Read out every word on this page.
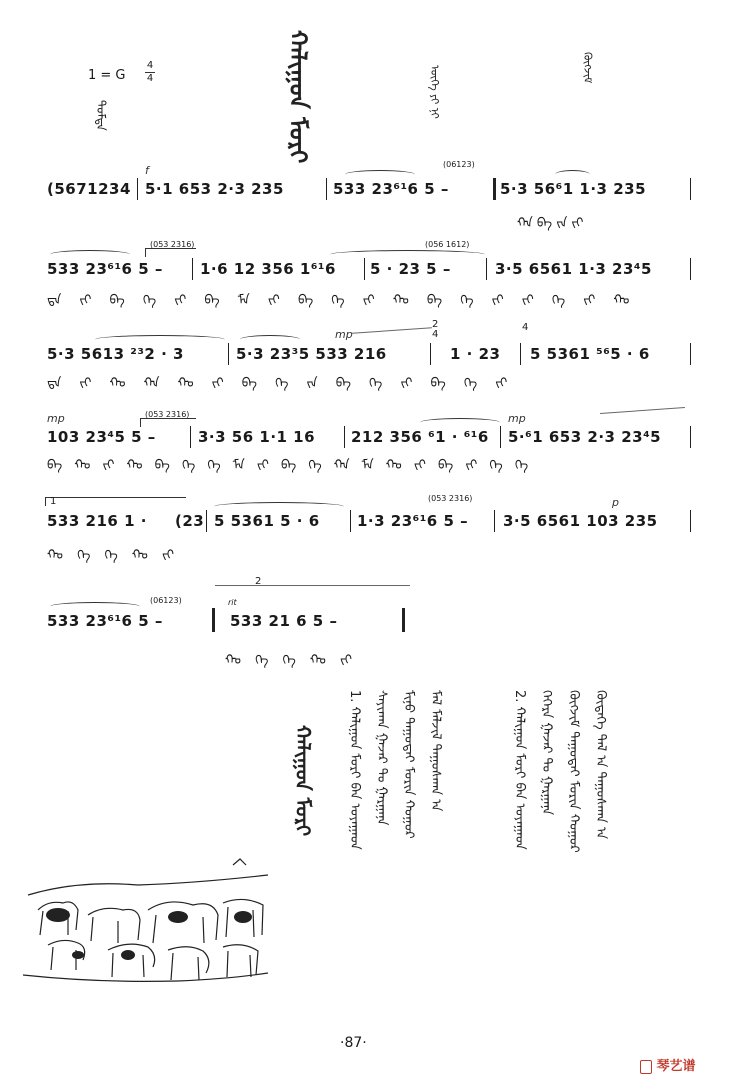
1 = G
4
4
ᠳᠤᠮᠳᠠ	ᠬᠠᠯᠢᠭᠤᠨ ᠮᠣᠷᠢ	ᠦᠭᠡ ᠶᠢ ᠨᠢ	ᠬᠥᠭᠵᠢᠮ
(5671234 5·1 653 2·3 235	533 23⁶¹6 5 –	5·3 56⁶1 1·3 235
f	(06123)
ᠬᠠ ᠪᠡ ᠵᠠ ᠵᠢ
533 23⁶¹6 5 – 1·6 12 356 1⁶¹6 5 · 23 5 –	3·5 6561 1·3 23⁴5
(053 2316)	(056 1612)
ᠳᠡ ᠵᠢ ᠪᠡ ᠬᠡ ᠵᠢ ᠪᠡ ᠮᠡ ᠵᠢ ᠪᠡ ᠭᠡ ᠵᠢ ᠬᠤ ᠪᠡ ᠭᠡ ᠵᠢ ᠵᠢ ᠭᠡ ᠵᠢ ᠬᠤ
5·3 5613 ²³2 · 3	5·3 23³5 533 216	1 · 23 5 5361 ⁵⁶5 · 6
mp
2
4
4
ᠳᠡ ᠵᠢ ᠬᠤ ᠬᠠ ᠬᠤ ᠵᠢ ᠪᠡ ᠬᠡ ᠵᠠ ᠪᠡ ᠭᠡ ᠵᠢ ᠪᠡ ᠭᠡ ᠵᠢ
mp
103 23⁴5 5 –	3·3 56 1·1 16 212 356 ⁶1 · ⁶¹6
mp
5·⁶1 653 2·3 23⁴5
(053 2316)
ᠪᠡ ᠬᠤ ᠵᠢ ᠬᠤ ᠪᠡ ᠬᠡ ᠭᠡ ᠮᠡ ᠵᠢ ᠪᠡ ᠭᠡ ᠬᠠ ᠮᠡ ᠬᠤ ᠵᠢ ᠪᠡ ᠵᠢ ᠬᠡ ᠭᠡ
1
533 216 1 · (23 5 5361 5 · 6 1·3 23⁶¹6 5 – 3·5 6561 103 235
(053 2316)	p
ᠬᠤ ᠬᠡ ᠭᠡ ᠬᠤ ᠵᠢ
2
533 23⁶¹6 5 –
rit
(06123)
533 21 6 5 –
ᠬᠤ ᠬᠡ ᠭᠡ ᠬᠤ ᠵᠢ
ᠬᠠᠯᠢᠭᠤᠨ ᠮᠣᠷᠢ 1. ᠬᠠᠯᠢᠭᠤᠨ ᠮᠣᠷᠢ ᠪᠡᠨ ᠤᠶᠠᠭᠠᠳ ᠰᠠᠶᠢᠬᠠᠨ ᠭᠠᠵᠠᠷ ᠲᠤ ᠭᠠᠷᠭᠠᠨᠠ ᠮᠢᠨᠤ ᠳᠠᠭᠤᠲᠠᠢ ᠮᠣᠷᠢᠨ ᠬᠤᠭᠤᠷ ᠮᠠᠯ ᠮᠠᠯᠵᠢᠯ ᠳᠠᠭᠤᠰᠬᠠᠨ ᠠ	2. ᠬᠠᠯᠢᠭᠤᠨ ᠮᠣᠷᠢ ᠪᠡᠨ ᠤᠶᠠᠭᠠᠳ ᠬᠡᠭᠡᠷᠡ ᠭᠠᠵᠠᠷ ᠲᠤ ᠭᠠᠷᠭᠠᠨᠠ ᠬᠥᠭᠵᠢᠮ ᠳᠠᠭᠤᠲᠠᠢ ᠮᠣᠷᠢᠨ ᠬᠤᠭᠤᠷ ᠬᠥᠳᠡᠭᠡ ᠲᠠᠯ ᠠ ᠳᠠᠭᠤᠰᠬᠠᠨ ᠠ
·87·
琴艺谱
